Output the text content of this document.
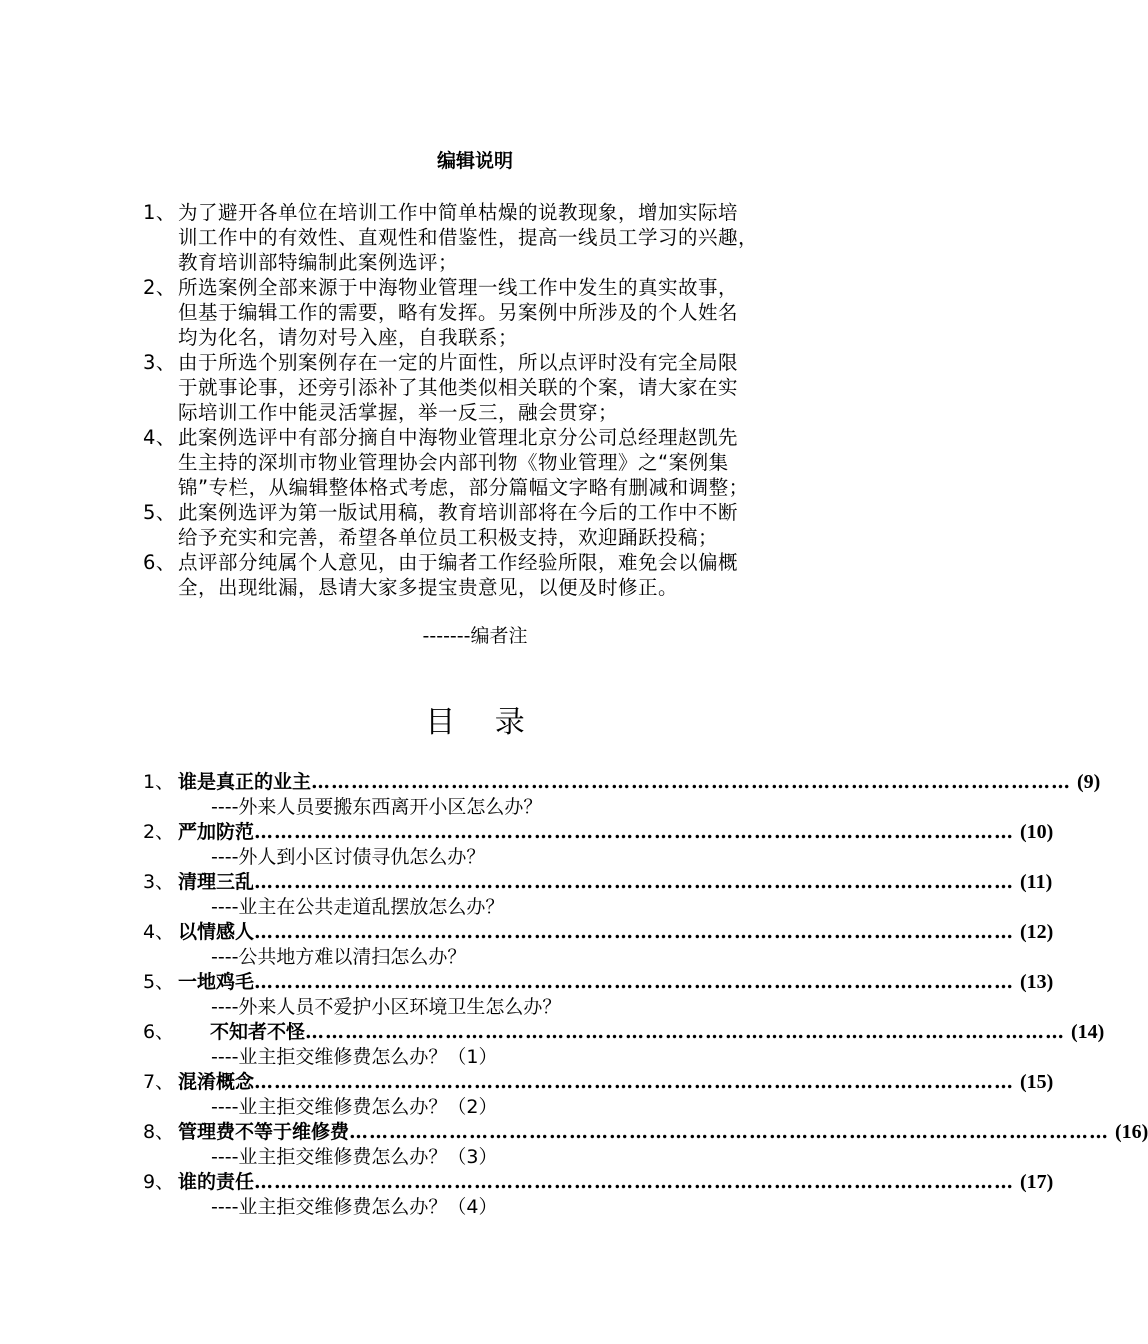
编辑说明
1、 为了避开各单位在培训工作中简单枯燥的说教现象，增加实际培
训工作中的有效性、直观性和借鉴性，提高一线员工学习的兴趣，
教育培训部特编制此案例选评；
2、 所选案例全部来源于中海物业管理一线工作中发生的真实故事，
但基于编辑工作的需要，略有发挥。另案例中所涉及的个人姓名
均为化名，请勿对号入座，自我联系；
3、 由于所选个别案例存在一定的片面性，所以点评时没有完全局限
于就事论事，还旁引添补了其他类似相关联的个案，请大家在实
际培训工作中能灵活掌握，举一反三，融会贯穿；
4、 此案例选评中有部分摘自中海物业管理北京分公司总经理赵凯先
生主持的深圳市物业管理协会内部刊物《物业管理》之“案例集
锦”专栏，从编辑整体格式考虑，部分篇幅文字略有删减和调整；
5、 此案例选评为第一版试用稿，教育培训部将在今后的工作中不断
给予充实和完善，希望各单位员工积极支持，欢迎踊跃投稿；
6、 点评部分纯属个人意见，由于编者工作经验所限，难免会以偏概
全，出现纰漏，恳请大家多提宝贵意见，以便及时修正。
-------编者注
目 录
1、 谁是真正的业主 …………………………………………………………………………………………………… (9)
----外来人员要搬东西离开小区怎么办？
2、 严加防范 …………………………………………………………………………………………………… (10)
----外人到小区讨债寻仇怎么办？
3、 清理三乱 …………………………………………………………………………………………………… (11)
----业主在公共走道乱摆放怎么办？
4、 以情感人 …………………………………………………………………………………………………… (12)
----公共地方难以清扫怎么办？
5、 一地鸡毛 …………………………………………………………………………………………………… (13)
----外来人员不爱护小区环境卫生怎么办？
6、	不知者不怪 …………………………………………………………………………………………………… (14)
----业主拒交维修费怎么办？（1）
7、 混淆概念 …………………………………………………………………………………………………… (15)
----业主拒交维修费怎么办？（2）
8、 管理费不等于维修费 …………………………………………………………………………………………………… (16)
----业主拒交维修费怎么办？（3）
9、 谁的责任 …………………………………………………………………………………………………… (17)
----业主拒交维修费怎么办？（4）
